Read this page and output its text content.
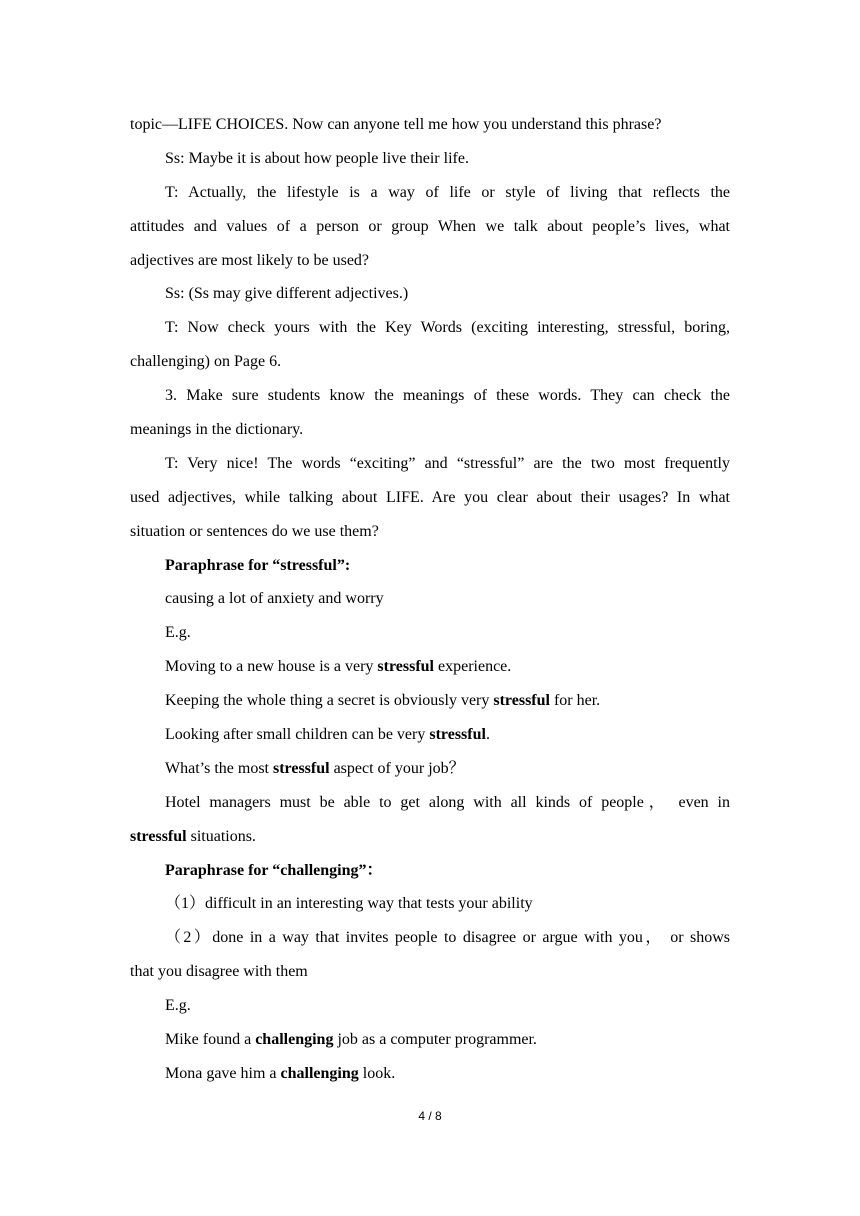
topic—LIFE CHOICES. Now can anyone tell me how you understand this phrase?
Ss: Maybe it is about how people live their life.
T: Actually, the lifestyle is a way of life or style of living that reflects the
attitudes and values of a person or group When we talk about people’s lives, what
adjectives are most likely to be used?
Ss: (Ss may give different adjectives.)
T: Now check yours with the Key Words (exciting interesting, stressful, boring,
challenging) on Page 6.
3. Make sure students know the meanings of these words. They can check the
meanings in the dictionary.
T: Very nice! The words “exciting” and “stressful” are the two most frequently
used adjectives, while talking about LIFE. Are you clear about their usages? In what
situation or sentences do we use them?
Paraphrase for “stressful”:
causing a lot of anxiety and worry
E.g.
Moving to a new house is a very stressful experience.
Keeping the whole thing a secret is obviously very stressful for her.
Looking after small children can be very stressful.
What’s the most stressful aspect of your job？
Hotel managers must be able to get along with all kinds of people， even in
stressful situations.
Paraphrase for “challenging”：
（1）difficult in an interesting way that tests your ability
（2）done in a way that invites people to disagree or argue with you， or shows
that you disagree with them
E.g.
Mike found a challenging job as a computer programmer.
Mona gave him a challenging look.
4 / 8
